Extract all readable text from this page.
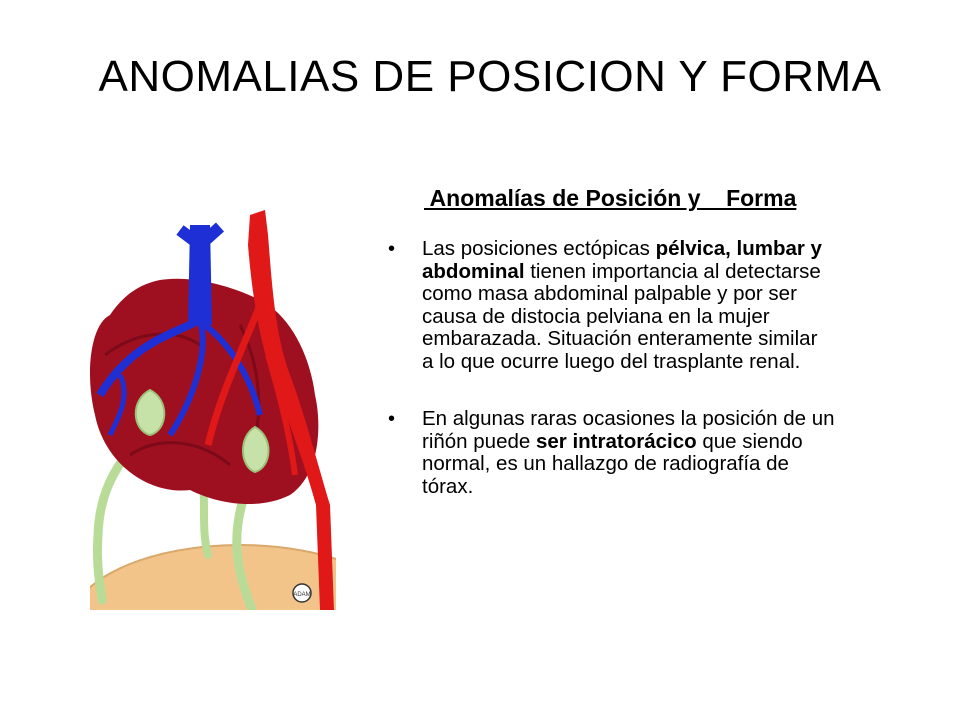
ANOMALIAS DE POSICION Y FORMA
ADAM
Anomalías de Posición y    Forma
• Las posiciones ectópicas pélvica, lumbar y
abdominal tienen importancia al detectarse
como masa abdominal palpable y por ser
causa de distocia pelviana en la mujer
embarazada. Situación enteramente similar
a lo que ocurre luego del trasplante renal.
• En algunas raras ocasiones la posición de un
riñón puede ser intratorácico que siendo
normal, es un hallazgo de radiografía de
tórax.
